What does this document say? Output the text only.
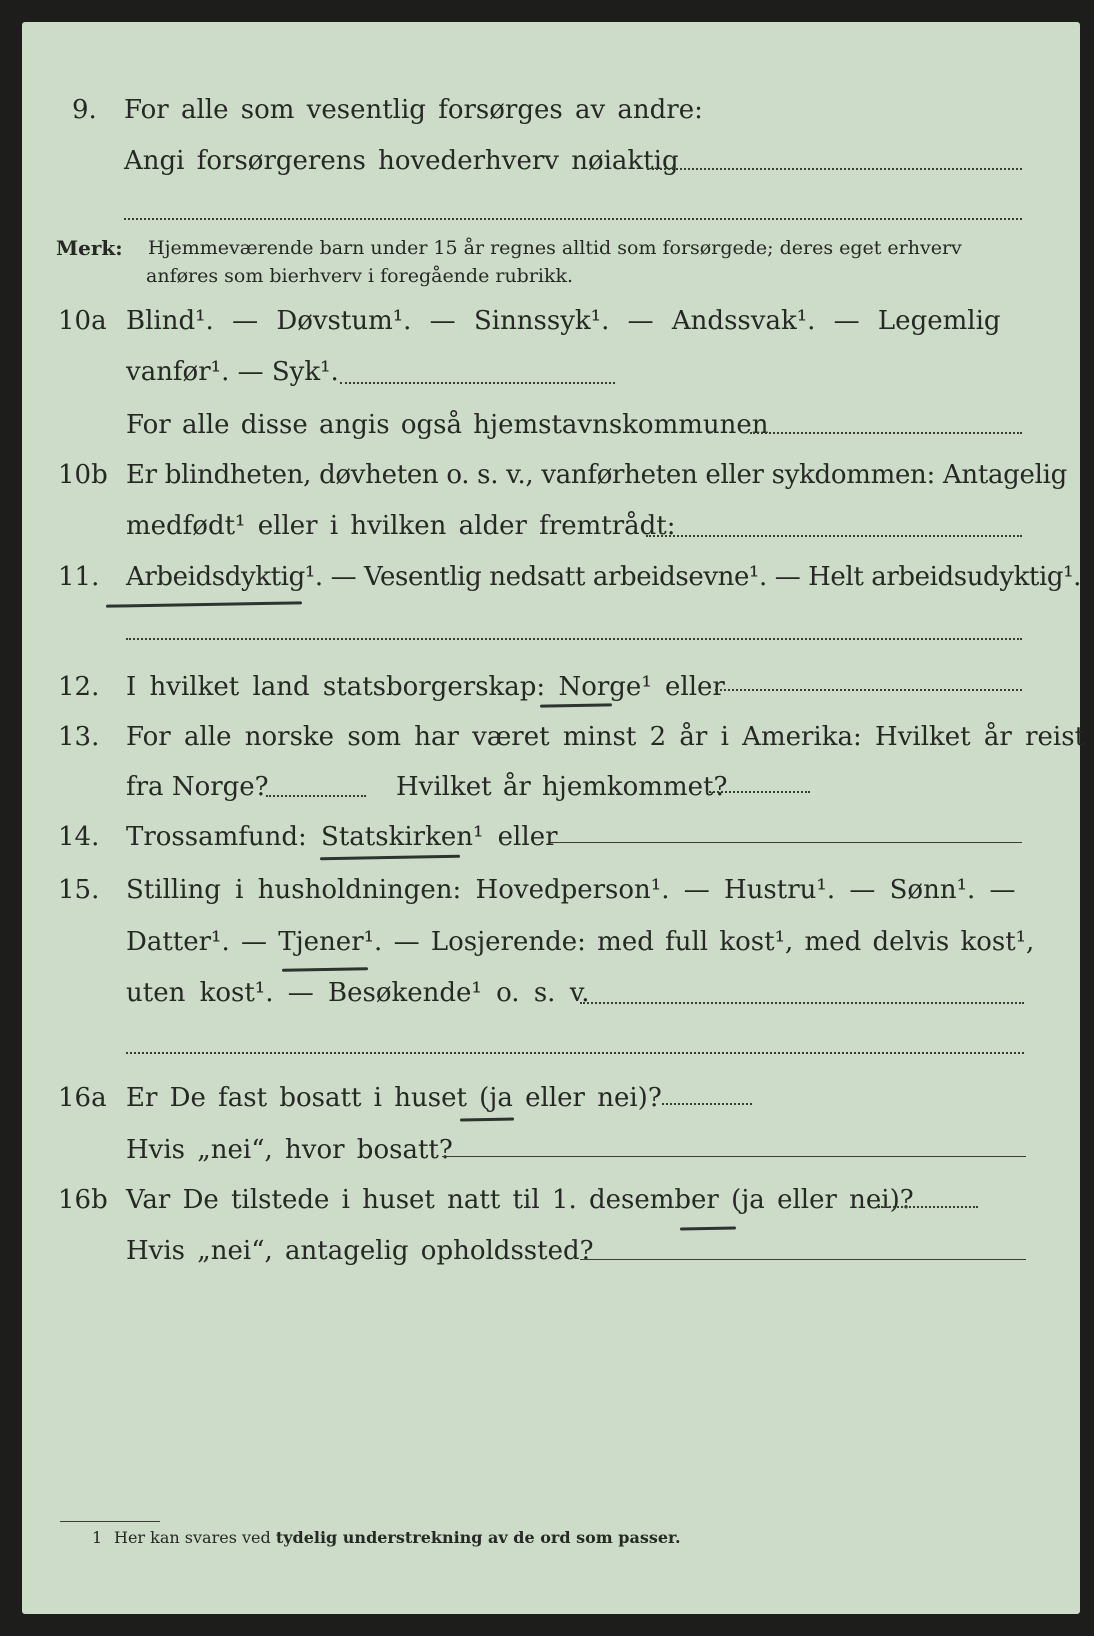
9. For alle som vesentlig forsørges av andre:
Angi forsørgerens hovederhverv nøiaktig
Merk: Hjemmeværende barn under 15 år regnes alltid som forsørgede; deres eget erhverv
anføres som bierhverv i foregående rubrikk.
10a Blind¹. — Døvstum¹. — Sinnssyk¹. — Andssvak¹. — Legemlig
vanfør¹. — Syk¹.
For alle disse angis også hjemstavnskommunen
10b Er blindheten, døvheten o. s. v., vanførheten eller sykdommen: Antagelig
medfødt¹ eller i hvilken alder fremtrådt:
11. Arbeidsdyktig¹. — Vesentlig nedsatt arbeidsevne¹. — Helt arbeidsudyktig¹.
12. I hvilket land statsborgerskap: Norge¹ eller
13. For alle norske som har været minst 2 år i Amerika: Hvilket år reist
fra Norge?	Hvilket år hjemkommet?
14. Trossamfund: Statskirken¹ eller
15. Stilling i husholdningen: Hovedperson¹. — Hustru¹. — Sønn¹. —
Datter¹. — Tjener¹. — Losjerende: med full kost¹, med delvis kost¹,
uten kost¹. — Besøkende¹ o. s. v.
16a Er De fast bosatt i huset (ja eller nei)?
Hvis „nei“, hvor bosatt?
16b Var De tilstede i huset natt til 1. desember (ja eller nei)?
Hvis „nei“, antagelig opholdssted?
1 Her kan svares ved tydelig understrekning av de ord som passer.
